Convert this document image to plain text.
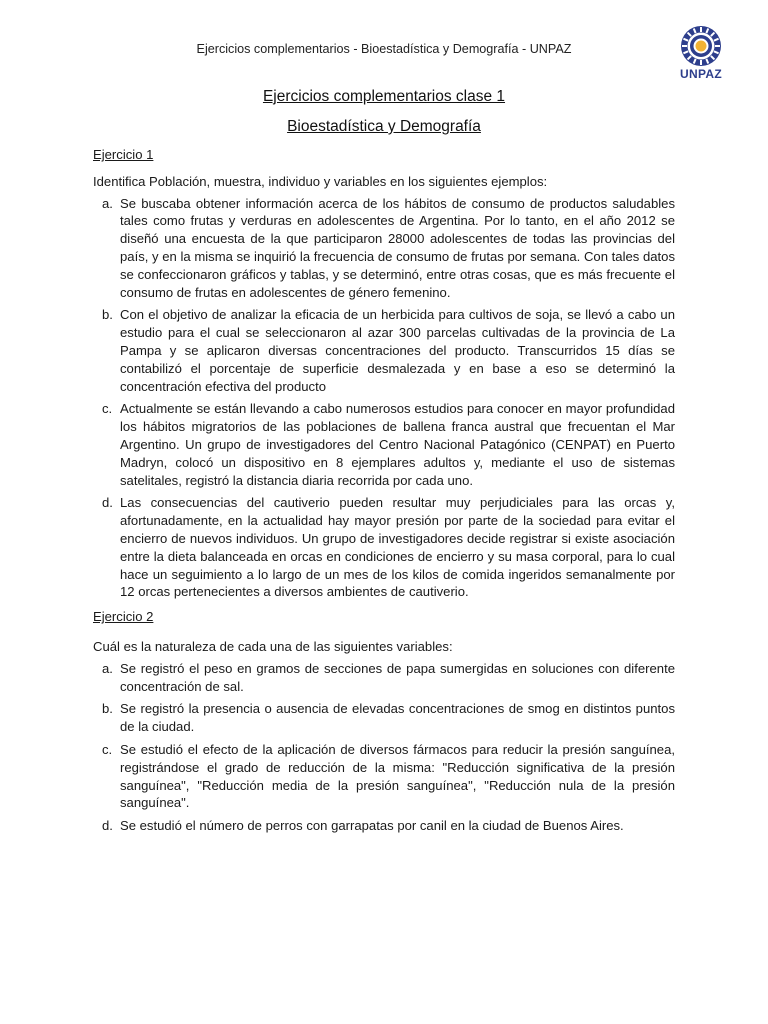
Ejercicios complementarios - Bioestadística y Demografía - UNPAZ
UNPAZ
Ejercicios complementarios clase 1
Bioestadística y Demografía

Ejercicio 1

Identifica Población, muestra, individuo y variables en los siguientes ejemplos:

a. Se buscaba obtener información acerca de los hábitos de consumo de productos saludables tales como frutas y verduras en adolescentes de Argentina. Por lo tanto, en el año 2012 se diseñó una encuesta de la que participaron 28000 adolescentes de todas las provincias del país, y en la misma se inquirió la frecuencia de consumo de frutas por semana. Con tales datos se confeccionaron gráficos y tablas, y se determinó, entre otras cosas, que es más frecuente el consumo de frutas en adolescentes de género femenino.
b. Con el objetivo de analizar la eficacia de un herbicida para cultivos de soja, se llevó a cabo un estudio para el cual se seleccionaron al azar 300 parcelas cultivadas de la provincia de La Pampa y se aplicaron diversas concentraciones del producto. Transcurridos 15 días se contabilizó el porcentaje de superficie desmalezada y en base a eso se determinó la concentración efectiva del producto
c. Actualmente se están llevando a cabo numerosos estudios para conocer en mayor profundidad los hábitos migratorios de las poblaciones de ballena franca austral que frecuentan el Mar Argentino. Un grupo de investigadores del Centro Nacional Patagónico (CENPAT) en Puerto Madryn, colocó un dispositivo en 8 ejemplares adultos y, mediante el uso de sistemas satelitales, registró la distancia diaria recorrida por cada uno.
d. Las consecuencias del cautiverio pueden resultar muy perjudiciales para las orcas y, afortunadamente, en la actualidad hay mayor presión por parte de la sociedad para evitar el encierro de nuevos individuos. Un grupo de investigadores decide registrar si existe asociación entre la dieta balanceada en orcas en condiciones de encierro y su masa corporal, para lo cual hace un seguimiento a lo largo de un mes de los kilos de comida ingeridos semanalmente por 12 orcas pertenecientes a diversos ambientes de cautiverio.

Ejercicio 2

Cuál es la naturaleza de cada una de las siguientes variables:

a. Se registró el peso en gramos de secciones de papa sumergidas en soluciones con diferente concentración de sal.
b. Se registró la presencia o ausencia de elevadas concentraciones de smog en distintos puntos de la ciudad.
c. Se estudió el efecto de la aplicación de diversos fármacos para reducir la presión sanguínea, registrándose el grado de reducción de la misma: "Reducción significativa de la presión sanguínea", "Reducción media de la presión sanguínea", "Reducción nula de la presión sanguínea".
d. Se estudió el número de perros con garrapatas por canil en la ciudad de Buenos Aires.
